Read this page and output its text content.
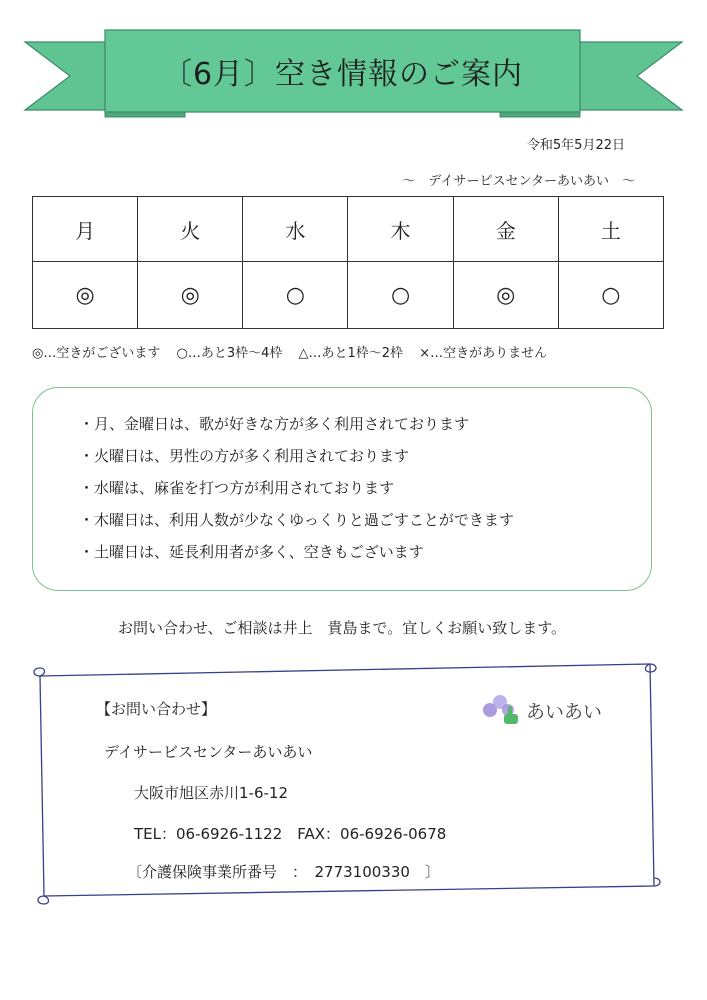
〔6月〕空き情報のご案内
令和5年5月22日
～　デイサービスセンターあいあい　～
月	火	水	木	金	土
◎	◎	○	○	◎	○
◎…空きがございます ○…あと3枠～4枠 △…あと1枠～2枠 ×…空きがありません
・ 月、金曜日は、歌が好きな方が多く利用されております
・ 火曜日は、男性の方が多く利用されております
・ 水曜は、麻雀を打つ方が利用されております
・ 木曜日は、利用人数が少なくゆっくりと過ごすことができます
・ 土曜日は、延長利用者が多く、空きもございます
お問い合わせ、ご相談は井上　貴島まで。宜しくお願い致します。
【お問い合わせ】
デイサービスセンターあいあい
大阪市旭区赤川1-6-12
TEL：06-6926-1122　FAX：06-6926-0678
〔介護保険事業所番号　：　2773100330　〕
あいあい
